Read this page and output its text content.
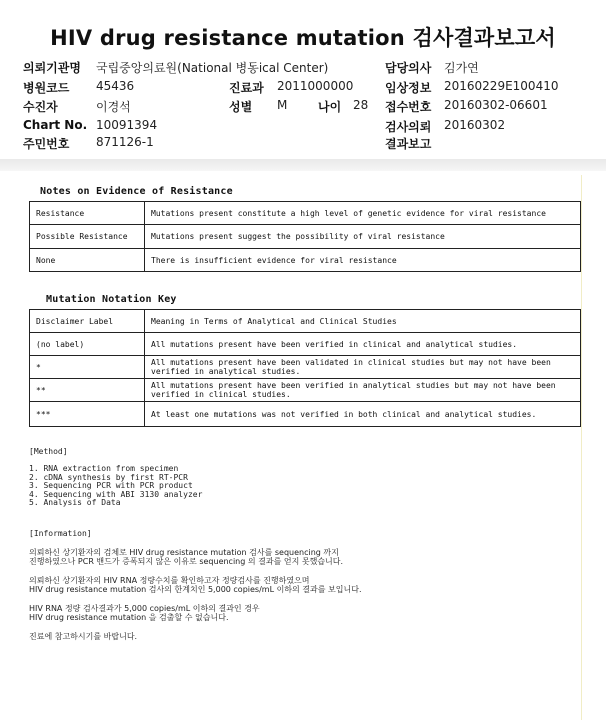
HIV drug resistance mutation 검사결과보고서
의뢰기관명 국립중앙의료원(National 병동ical Center)
병원코드 45436
수진자	이경석
Chart No. 10091394
주민번호 871126-1
진료과 2011000000
성별 M	나이 28
담당의사 김가연
임상정보 20160229E100410
접수번호 20160302-06601
검사의뢰 20160302
결과보고
Notes on Evidence of Resistance
Resistance	Mutations present constitute a high level of genetic evidence for viral resistance
Possible Resistance	Mutations present suggest the possibility of viral resistance
None	There is insufficient evidence for viral resistance
Mutation Notation Key
Disclaimer Label	Meaning in Terms of Analytical and Clinical Studies
(no label)	All mutations present have been verified in clinical and analytical studies.
*	All mutations present have been validated in clinical studies but may not have been verified in analytical studies.
**	All mutations present have been verified in analytical studies but may not have been verified in clinical studies.
***	At least one mutations was not verified in both clinical and analytical studies.
[Method]
1. RNA extraction from specimen
2. cDNA synthesis by first RT-PCR
3. Sequencing PCR with PCR product
4. Sequencing with ABI 3130 analyzer
5. Analysis of Data
[Information]
의뢰하신 상기환자의 검체로 HIV drug resistance mutation 검사를 sequencing 까지
진행하였으나 PCR 밴드가 증폭되지 않은 이유로 sequencing 의 결과를 얻지 못했습니다.
의뢰하신 상기환자의 HIV RNA 정량수치를 확인하고자 정량검사를 진행하였으며
HIV drug resistance mutation 검사의 한계치인 5,000 copies/mL 이하의 결과를 보입니다.
HIV RNA 정량 검사결과가 5,000 copies/mL 이하의 결과인 경우
HIV drug resistance mutation 을 검출할 수 없습니다.
진료에 참고하시기를 바랍니다.
